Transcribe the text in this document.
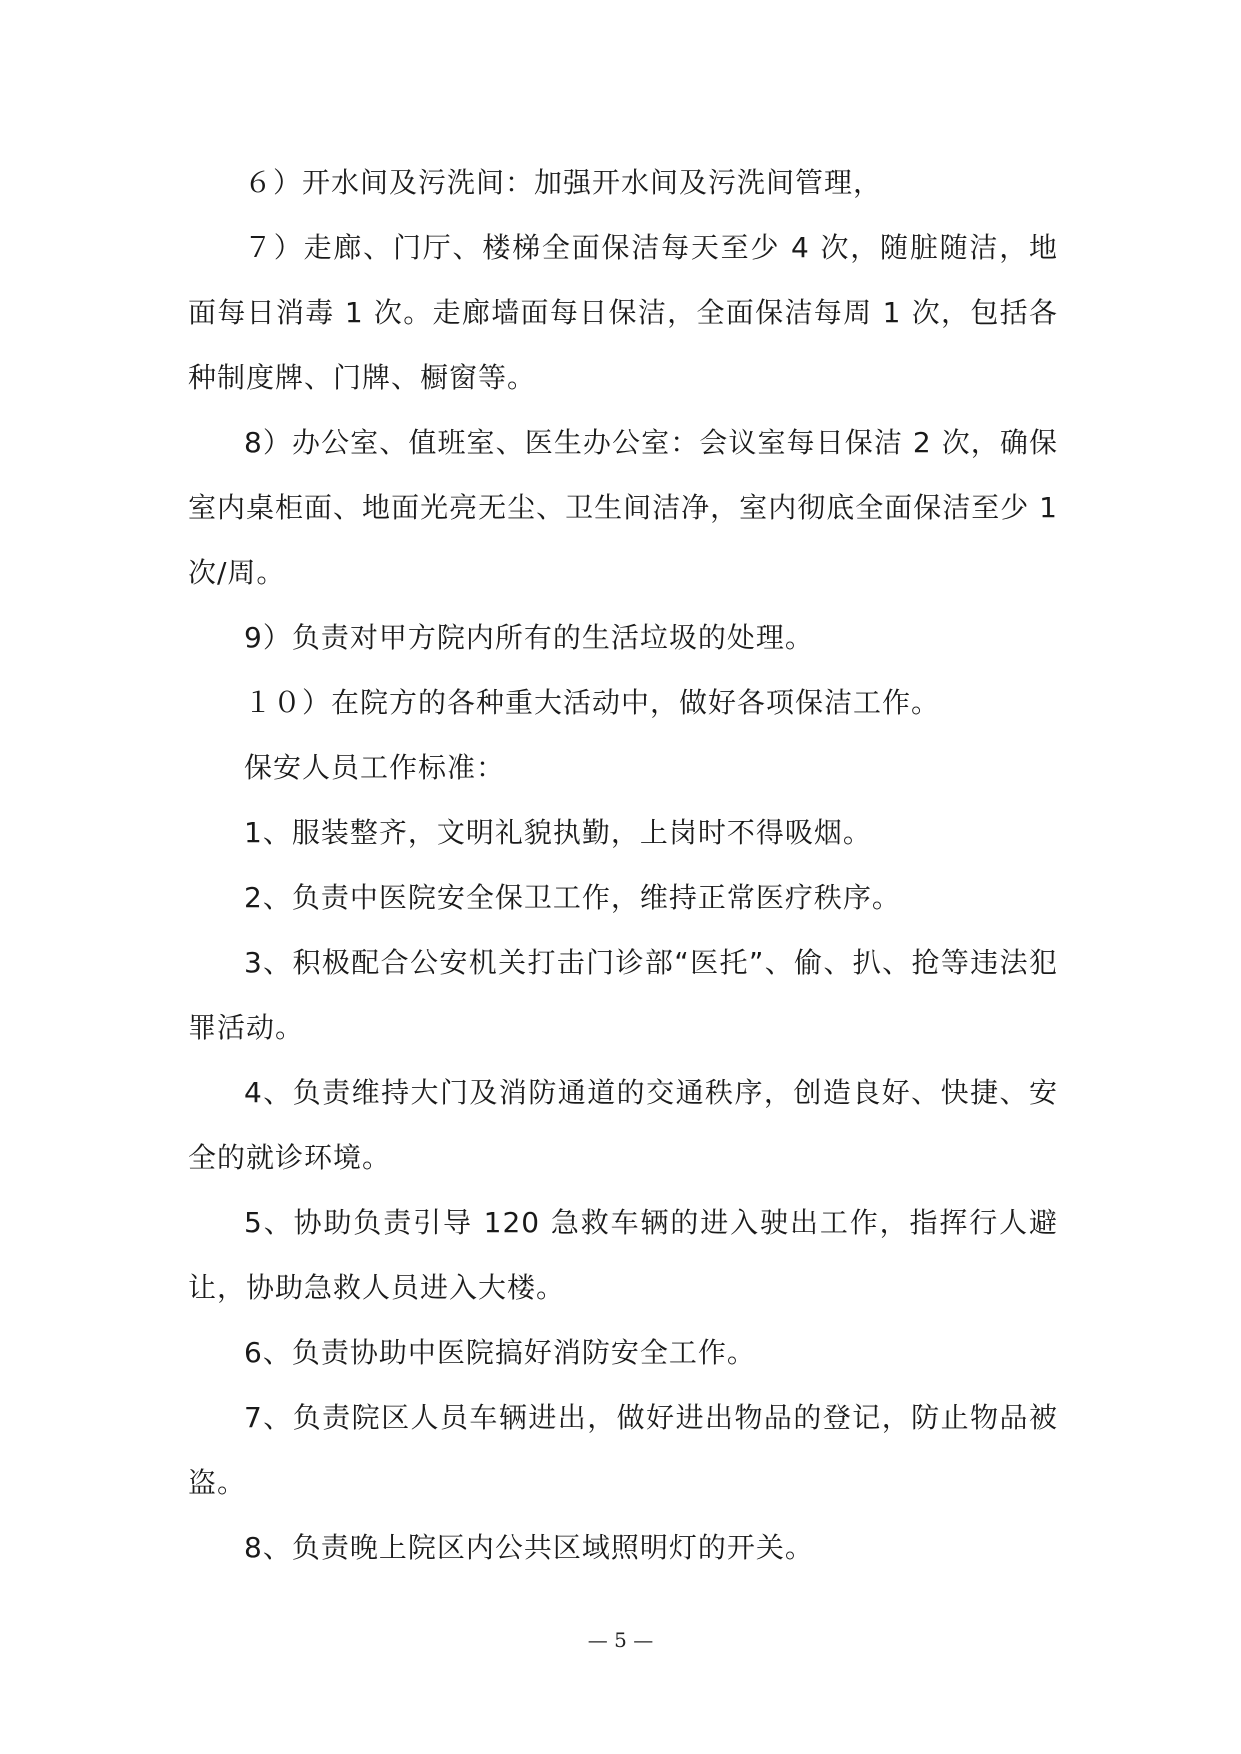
６）开水间及污洗间：加强开水间及污洗间管理，

７）走廊、门厅、楼梯全面保洁每天至少 4 次，随脏随洁，地面每日消毒 1 次。走廊墙面每日保洁，全面保洁每周 1 次，包括各种制度牌、门牌、橱窗等。

8）办公室、值班室、医生办公室：会议室每日保洁 2 次，确保室内桌柜面、地面光亮无尘、卫生间洁净，室内彻底全面保洁至少 1 次/周。

9）负责对甲方院内所有的生活垃圾的处理。

１０）在院方的各种重大活动中，做好各项保洁工作。

保安人员工作标准：

1、服装整齐，文明礼貌执勤，上岗时不得吸烟。

2、负责中医院安全保卫工作，维持正常医疗秩序。

3、积极配合公安机关打击门诊部“医托”、偷、扒、抢等违法犯罪活动。

4、负责维持大门及消防通道的交通秩序，创造良好、快捷、安全的就诊环境。

5、协助负责引导 120 急救车辆的进入驶出工作，指挥行人避让，协助急救人员进入大楼。

6、负责协助中医院搞好消防安全工作。

7、负责院区人员车辆进出，做好进出物品的登记，防止物品被盗。

8、负责晚上院区内公共区域照明灯的开关。

— 5 —
